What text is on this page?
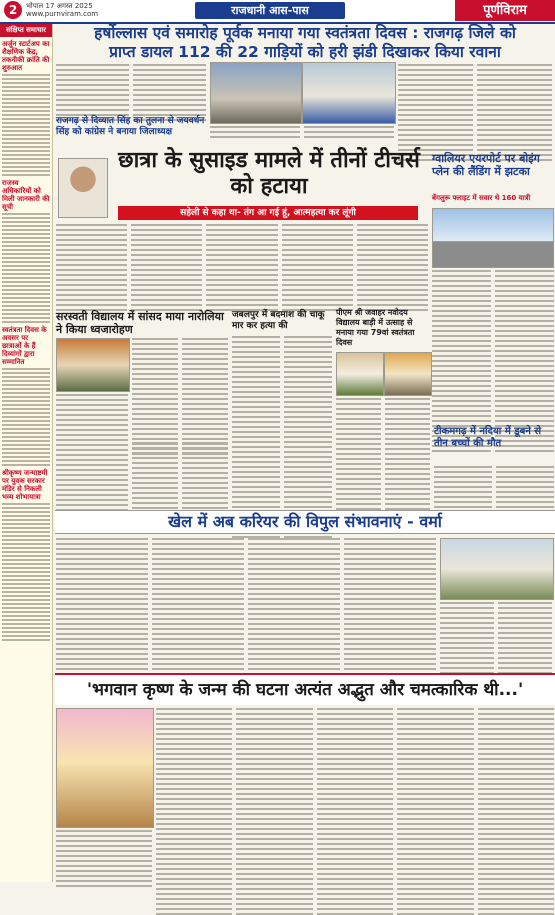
2	भोपाल 17 अगस्त 2025
www.purnviram.com	राजधानी आस-पास	पूर्णविराम
संक्षिप्त समाचार
अर्जुन स्टार्टअप का शैक्षणिक केंद्र, तकनीकी क्रांति की शुरुआत
राजस्व अधिकारियों को मिली जानकारी की सूची
स्वतंत्रता दिवस के अवसर पर छात्राओं के हैं दिव्यांगों द्वारा सम्मानित
श्रीकृष्ण जन्माष्टमी पर युवक सरकार मंडिर से निकली भव्य शोभायात्रा
हर्षोल्लास एवं समारोह पूर्वक मनाया गया स्वतंत्रता दिवस : राजगढ़ जिले को
प्राप्त डायल 112 की 22 गाड़ियों को हरी झंडी दिखाकर किया रवाना
राजगढ़ से दिव्यात सिंह का तुलना से जयवर्धन सिंह को कांग्रेस ने बनाया जिलाध्यक्ष
छात्रा के सुसाइड मामले में तीनों टीचर्स को हटाया
सहेली से कहा था- तंग आ गई हूं, आत्महत्या कर लूंगी
ग्वालियर एयरपोर्ट पर बोइंग प्लेन की लैंडिंग में झटका
बेंगलुरू फ्लाइट में सवार थे 160 यात्री
सरस्वती विद्यालय में सांसद माया नारोलिया ने किया ध्वजारोहण
जबलपुर में बदमाश की चाकू मार कर हत्या की
पीएम श्री जवाहर नवोदय विद्यालय बाड़ी में उत्साह से मनाया गया 79वां स्वतंत्रता दिवस
टीकमगढ़ में नदिया में डूबने से तीन बच्चों की मौत
खेल में अब करियर की विपुल संभावनाएं - वर्मा
'भगवान कृष्ण के जन्म की घटना अत्यंत अद्भुत और चमत्कारिक थी...'
